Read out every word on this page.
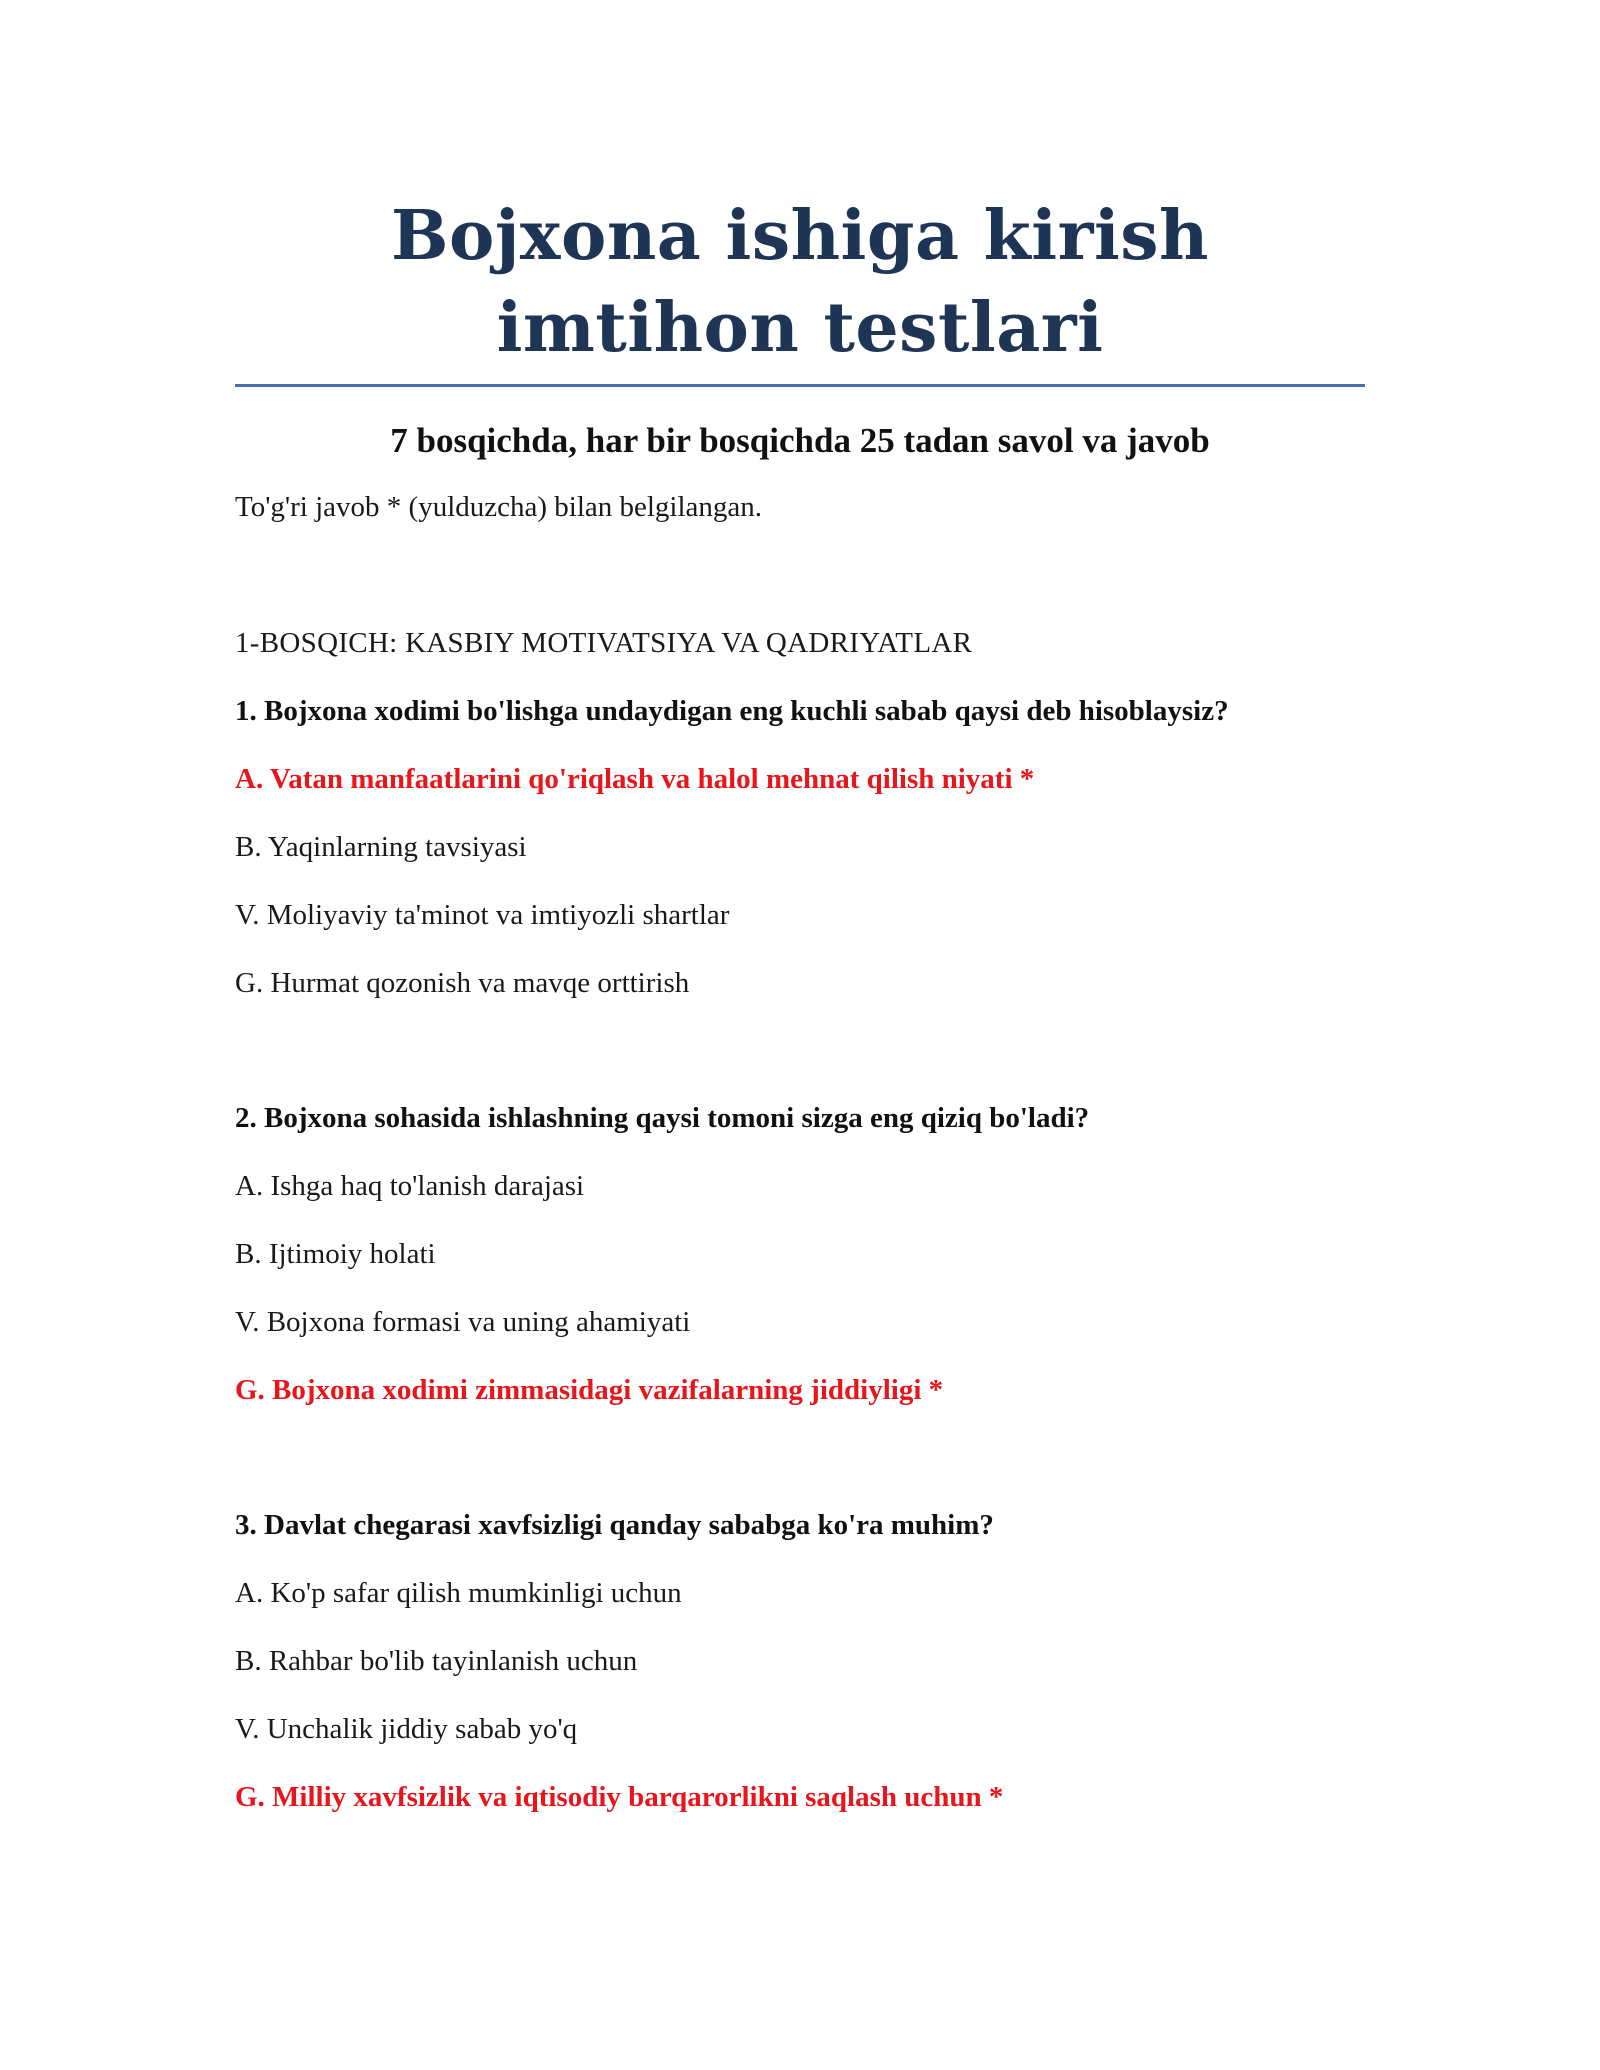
Bojxona ishiga kirish imtihon testlari

7 bosqichda, har bir bosqichda 25 tadan savol va javob

To'g'ri javob * (yulduzcha) bilan belgilangan.

1-BOSQICH: KASBIY MOTIVATSIYA VA QADRIYATLAR

1. Bojxona xodimi bo'lishga undaydigan eng kuchli sabab qaysi deb hisoblaysiz?

A. Vatan manfaatlarini qo'riqlash va halol mehnat qilish niyati *

B. Yaqinlarning tavsiyasi

V. Moliyaviy ta'minot va imtiyozli shartlar

G. Hurmat qozonish va mavqe orttirish

2. Bojxona sohasida ishlashning qaysi tomoni sizga eng qiziq bo'ladi?

A. Ishga haq to'lanish darajasi

B. Ijtimoiy holati

V. Bojxona formasi va uning ahamiyati

G. Bojxona xodimi zimmasidagi vazifalarning jiddiyligi *

3. Davlat chegarasi xavfsizligi qanday sababga ko'ra muhim?

A. Ko'p safar qilish mumkinligi uchun

B. Rahbar bo'lib tayinlanish uchun

V. Unchalik jiddiy sabab yo'q

G. Milliy xavfsizlik va iqtisodiy barqarorlikni saqlash uchun *
